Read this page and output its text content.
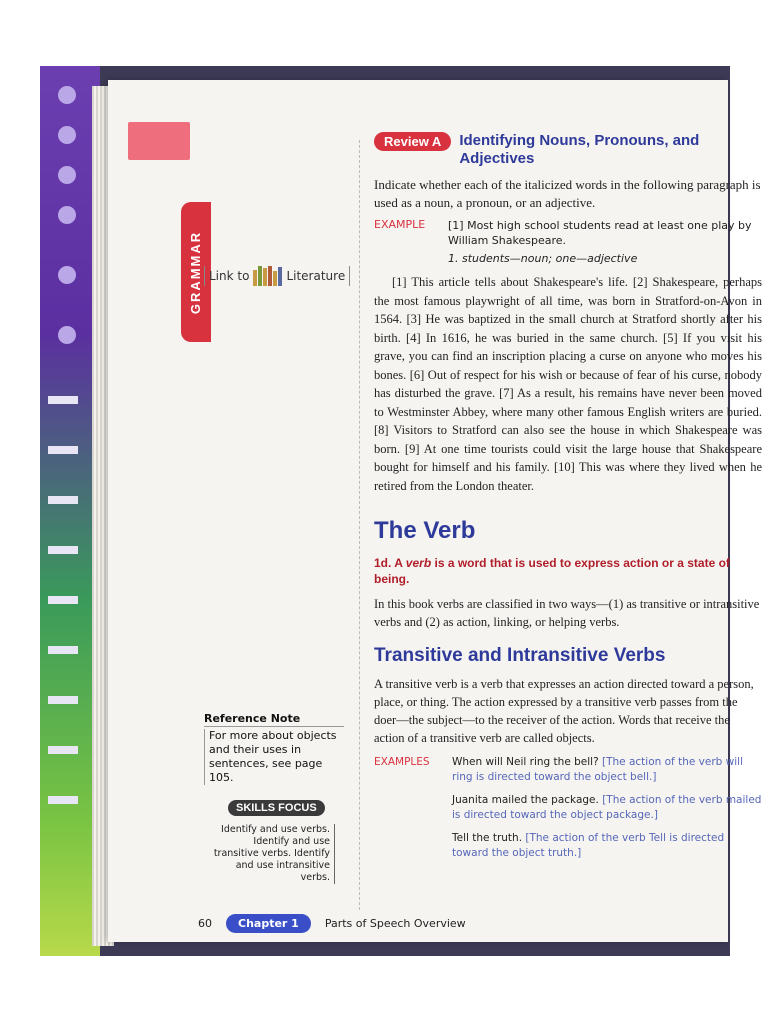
GRAMMAR Link to	Literature
Reference Note
For more about objects and their uses in sentences, see page 105.
SKILLS FOCUS
Identify and use verbs. Identify and use transitive verbs. Identify and use intransitive verbs.
Review A	Identifying Nouns, Pronouns, and Adjectives
Indicate whether each of the italicized words in the following paragraph is used as a noun, a pronoun, or an adjective.
EXAMPLE	[1] Most high school students read at least one play by William Shakespeare.
1. students—noun; one—adjective
[1] This article tells about Shakespeare's life. [2] Shakespeare, perhaps the most famous playwright of all time, was born in Stratford-on-Avon in 1564. [3] He was baptized in the small church at Stratford shortly after his birth. [4] In 1616, he was buried in the same church. [5] If you visit his grave, you can find an inscription placing a curse on anyone who moves his bones. [6] Out of respect for his wish or because of fear of his curse, nobody has disturbed the grave. [7] As a result, his remains have never been moved to Westminster Abbey, where many other famous English writers are buried. [8] Visitors to Stratford can also see the house in which Shakespeare was born. [9] At one time tourists could visit the large house that Shakespeare bought for himself and his family. [10] This was where they lived when he retired from the London theater.
The Verb
1d. A verb is a word that is used to express action or a state of being.
In this book verbs are classified in two ways—(1) as transitive or intransitive verbs and (2) as action, linking, or helping verbs.
Transitive and Intransitive Verbs
A transitive verb is a verb that expresses an action directed toward a person, place, or thing. The action expressed by a transitive verb passes from the doer—the subject—to the receiver of the action. Words that receive the action of a transitive verb are called objects.
EXAMPLES	When will Neil ring the bell? [The action of the verb will ring is directed toward the object bell.]
Juanita mailed the package. [The action of the verb mailed is directed toward the object package.]
Tell the truth. [The action of the verb Tell is directed toward the object truth.]
60	Chapter 1	Parts of Speech Overview
